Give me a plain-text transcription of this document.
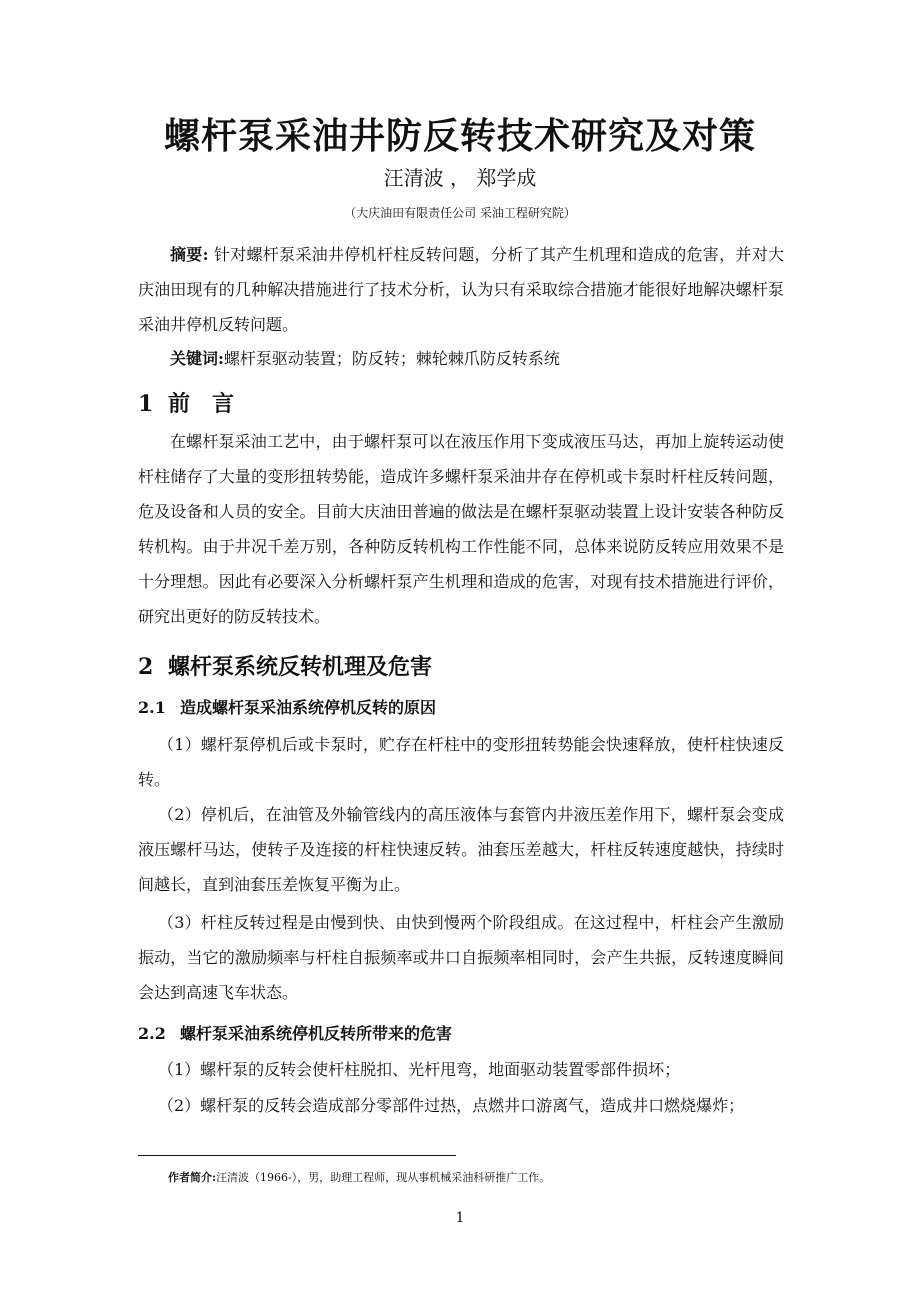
螺杆泵采油井防反转技术研究及对策
汪清波 ， 郑学成
（大庆油田有限责任公司 采油工程研究院）

摘要: 针对螺杆泵采油井停机杆柱反转问题，分析了其产生机理和造成的危害，并对大庆油田现有的几种解决措施进行了技术分析，认为只有采取综合措施才能很好地解决螺杆泵采油井停机反转问题。

关键词:螺杆泵驱动装置；防反转；棘轮棘爪防反转系统

1 前　言

在螺杆泵采油工艺中，由于螺杆泵可以在液压作用下变成液压马达，再加上旋转运动使杆柱储存了大量的变形扭转势能，造成许多螺杆泵采油井存在停机或卡泵时杆柱反转问题，危及设备和人员的安全。目前大庆油田普遍的做法是在螺杆泵驱动装置上设计安装各种防反转机构。由于井况千差万别，各种防反转机构工作性能不同，总体来说防反转应用效果不是十分理想。因此有必要深入分析螺杆泵产生机理和造成的危害，对现有技术措施进行评价，研究出更好的防反转技术。

2 螺杆泵系统反转机理及危害
2.1 造成螺杆泵采油系统停机反转的原因

（1）螺杆泵停机后或卡泵时，贮存在杆柱中的变形扭转势能会快速释放，使杆柱快速反转。

（2）停机后，在油管及外输管线内的高压液体与套管内井液压差作用下，螺杆泵会变成液压螺杆马达，使转子及连接的杆柱快速反转。油套压差越大，杆柱反转速度越快，持续时间越长，直到油套压差恢复平衡为止。

（3）杆柱反转过程是由慢到快、由快到慢两个阶段组成。在这过程中，杆柱会产生激励振动，当它的激励频率与杆柱自振频率或井口自振频率相同时，会产生共振，反转速度瞬间会达到高速飞车状态。

2.2 螺杆泵采油系统停机反转所带来的危害

（1）螺杆泵的反转会使杆柱脱扣、光杆甩弯，地面驱动装置零部件损坏；

（2）螺杆泵的反转会造成部分零部件过热，点燃井口游离气，造成井口燃烧爆炸；

作者简介:汪清波（1966-），男，助理工程师，现从事机械采油科研推广工作。
1
